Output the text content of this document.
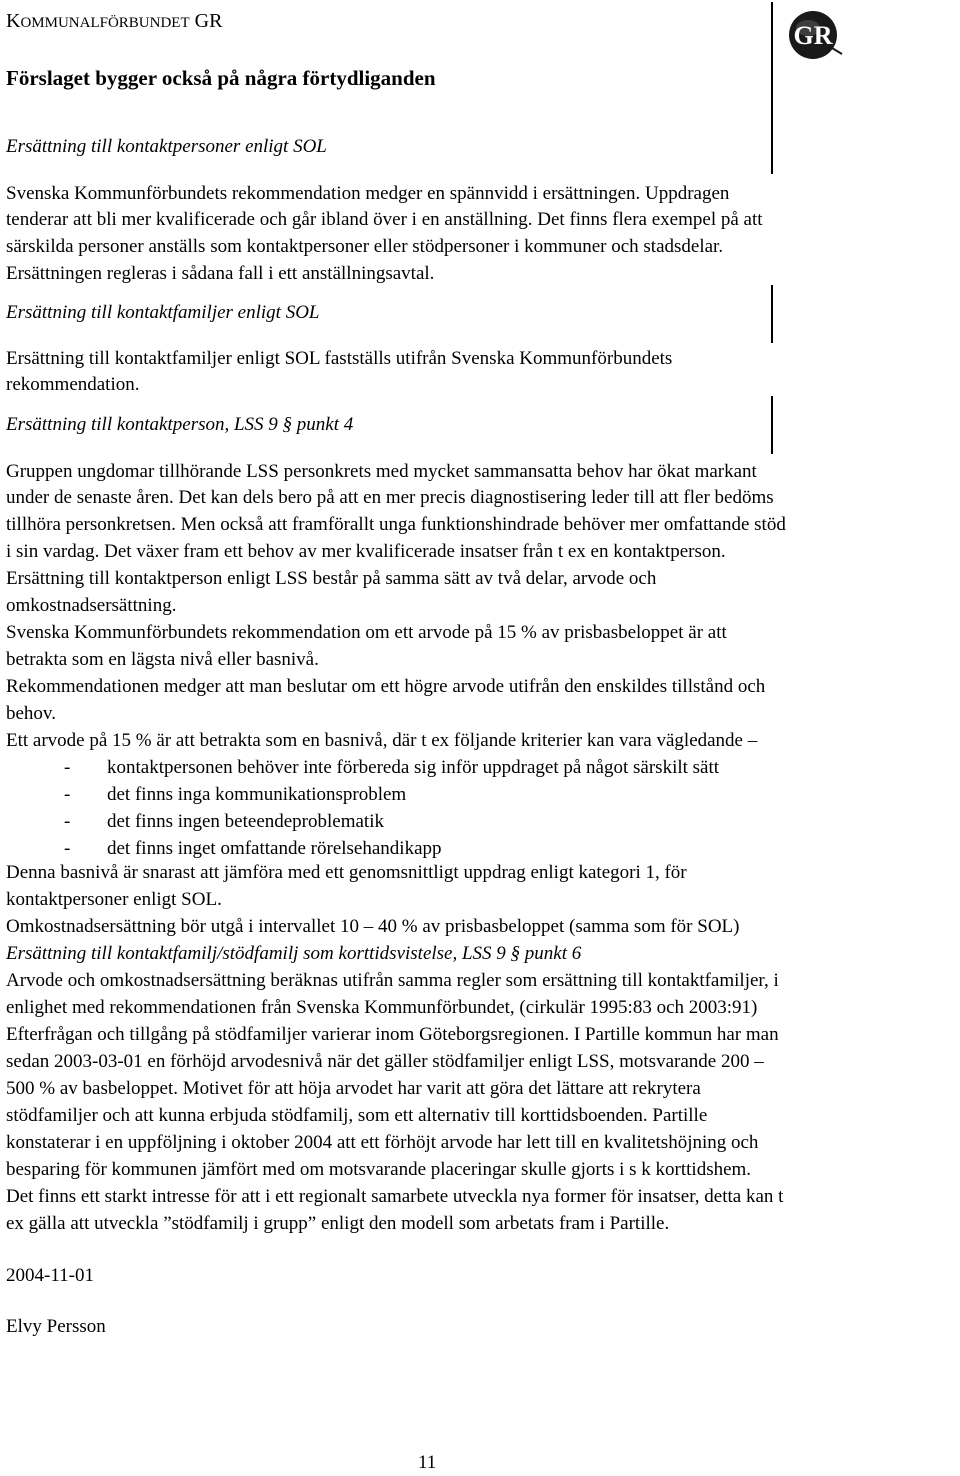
KOMMUNALFÖRBUNDET GR	GR
Förslaget bygger också på några förtydliganden
Ersättning till kontaktpersoner enligt SOL
Svenska Kommunförbundets rekommendation medger en spännvidd i ersättningen. Uppdragen
tenderar att bli mer kvalificerade och går ibland över i en anställning. Det finns flera exempel på att
särskilda personer anställs som kontaktpersoner eller stödpersoner i kommuner och stadsdelar.
Ersättningen regleras i sådana fall i ett anställningsavtal.
Ersättning till kontaktfamiljer enligt SOL
Ersättning till kontaktfamiljer enligt SOL fastställs utifrån Svenska Kommunförbundets
rekommendation.
Ersättning till kontaktperson, LSS 9 § punkt 4
Gruppen ungdomar tillhörande LSS personkrets med mycket sammansatta behov har ökat markant
under de senaste åren. Det kan dels bero på att en mer precis diagnostisering leder till att fler bedöms
tillhöra personkretsen. Men också att framförallt unga funktionshindrade behöver mer omfattande stöd
i sin vardag. Det växer fram ett behov av mer kvalificerade insatser från t ex en kontaktperson.
Ersättning till kontaktperson enligt LSS består på samma sätt av två delar, arvode och
omkostnadsersättning.
Svenska Kommunförbundets rekommendation om ett arvode på 15 % av prisbasbeloppet är att
betrakta som en lägsta nivå eller basnivå.
Rekommendationen medger att man beslutar om ett högre arvode utifrån den enskildes tillstånd och
behov.
Ett arvode på 15 % är att betrakta som en basnivå, där t ex följande kriterier kan vara vägledande –
- kontaktpersonen behöver inte förbereda sig inför uppdraget på något särskilt sätt
- det finns inga kommunikationsproblem
- det finns ingen beteendeproblematik
- det finns inget omfattande rörelsehandikapp
Denna basnivå är snarast att jämföra med ett genomsnittligt uppdrag enligt kategori 1, för
kontaktpersoner enligt SOL.
Omkostnadsersättning bör utgå i intervallet 10 – 40 % av prisbasbeloppet (samma som för SOL)
Ersättning till kontaktfamilj/stödfamilj som korttidsvistelse, LSS 9 § punkt 6
Arvode och omkostnadsersättning beräknas utifrån samma regler som ersättning till kontaktfamiljer, i
enlighet med rekommendationen från Svenska Kommunförbundet, (cirkulär 1995:83 och 2003:91)
Efterfrågan och tillgång på stödfamiljer varierar inom Göteborgsregionen. I Partille kommun har man
sedan 2003-03-01 en förhöjd arvodesnivå när det gäller stödfamiljer enligt LSS, motsvarande 200 –
500 % av basbeloppet. Motivet för att höja arvodet har varit att göra det lättare att rekrytera
stödfamiljer och att kunna erbjuda stödfamilj, som ett alternativ till korttidsboenden. Partille
konstaterar i en uppföljning i oktober 2004 att ett förhöjt arvode har lett till en kvalitetshöjning och
besparing för kommunen jämfört med om motsvarande placeringar skulle gjorts i s k korttidshem.
Det finns ett starkt intresse för att i ett regionalt samarbete utveckla nya former för insatser, detta kan t
ex gälla att utveckla ”stödfamilj i grupp” enligt den modell som arbetats fram i Partille.
2004-11-01
Elvy Persson
11
